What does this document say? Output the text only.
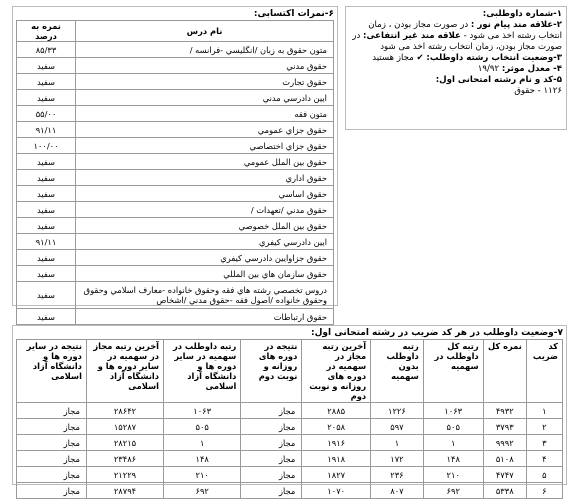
۱-شماره داوطلبی:
۲-علاقه مند پیام نور : در صورت مجاز بودن ، زمان انتخاب رشته اخذ می شود - علاقه مند غیر انتفاعی: در صورت مجاز بودن، زمان انتخاب رشته اخذ می شود
۳-وضعیت انتخاب رشته داوطلب: ✔ مجاز هستید
۴- معدل موثر: ۱۹/۹۲
۵-کد و نام رشته امتحانی اول:
۱۱۲۶ - حقوق
۶-نمرات اکتسابی:
نام درس	نمره به درصد
متون حقوق به زبان /انگليسي -فرانسه /	۸۵/۳۳
حقوق مدني	سفيد
حقوق تجارت	سفيد
ايين دادرسي مدني	سفيد
متون فقه	۵۵/۰۰
حقوق جزاي عمومي	۹۱/۱۱
حقوق جزاي اختصاصي	۱۰۰/۰۰
حقوق بين الملل عمومي	سفيد
حقوق اداري	سفيد
حقوق اساسي	سفيد
حقوق مدني /تعهدات /	سفيد
حقوق بين الملل خصوصي	سفيد
ايين دادرسي كيفري	۹۱/۱۱
حقوق جزاوايين دادرسي كيفري	سفيد
حقوق سازمان هاي بين المللي	سفيد
دروس تخصصي رشته هاي فقه وحقوق خانواده -معارف اسلامي وحقوق وحقوق خانواده /اصول فقه -حقوق مدني /اشخاص	سفيد
حقوق ارتباطات	سفيد
۷-وضعیت داوطلب در هر کد ضریب در رشته امتحانی اول:
کد ضریب	نمره کل	رتبه کل داوطلب در سهمیه	رتبه داوطلب بدون سهمیه	آخرین رتبه مجاز در سهمیه در دوره های روزانه و نوبت دوم	نتیجه در دوره های روزانه و نوبت دوم	رتبه داوطلب در سهمیه در سایر دوره ها و دانشگاه آزاد اسلامی	آخرین رتبه مجاز در سهمیه در سایر دوره ها و دانشگاه آزاد اسلامی	نتیجه در سایر دوره ها و دانشگاه آزاد اسلامی
۱	۴۹۳۲	۱۰۶۳	۱۲۲۶	۲۸۸۵	مجاز	۱۰۶۳	۲۸۶۴۲	مجاز
۲	۳۷۹۳	۵۰۵	۵۹۷	۲۰۵۸	مجاز	۵۰۵	۱۵۲۸۷	مجاز
۳	۹۹۹۲	۱	۱	۱۹۱۶	مجاز	۱	۲۸۲۱۵	مجاز
۴	۵۱۰۸	۱۴۸	۱۷۲	۱۹۱۸	مجاز	۱۴۸	۲۳۴۸۶	مجاز
۵	۴۷۴۷	۲۱۰	۲۳۶	۱۸۲۷	مجاز	۲۱۰	۲۱۲۲۹	مجاز
۶	۵۳۳۸	۶۹۲	۸۰۷	۱۰۷۰	مجاز	۶۹۲	۲۸۷۹۴	مجاز
